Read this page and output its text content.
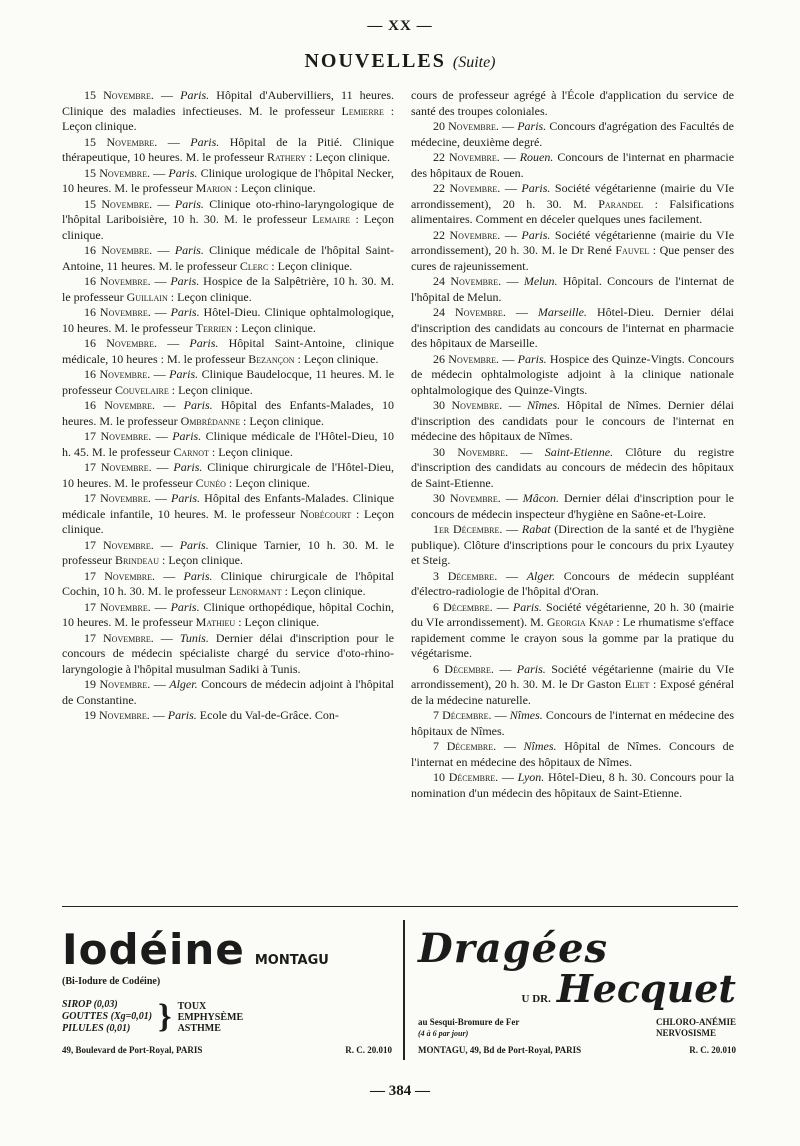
— XX —
NOUVELLES (Suite)

15 Novembre. — Paris. Hôpital d'Aubervilliers, 11 heures. Clinique des maladies infectieuses. M. le professeur Lemierre : Leçon clinique.

15 Novembre. — Paris. Hôpital de la Pitié. Clinique thérapeutique, 10 heures. M. le professeur Rathery : Leçon clinique.

15 Novembre. — Paris. Clinique urologique de l'hôpital Necker, 10 heures. M. le professeur Marion : Leçon clinique.

15 Novembre. — Paris. Clinique oto-rhino-laryngologique de l'hôpital Lariboisière, 10 h. 30. M. le professeur Lemaire : Leçon clinique.

16 Novembre. — Paris. Clinique médicale de l'hôpital Saint-Antoine, 11 heures. M. le professeur Clerc : Leçon clinique.

16 Novembre. — Paris. Hospice de la Salpêtrière, 10 h. 30. M. le professeur Guillain : Leçon clinique.

16 Novembre. — Paris. Hôtel-Dieu. Clinique ophtalmologique, 10 heures. M. le professeur Terrien : Leçon clinique.

16 Novembre. — Paris. Hôpital Saint-Antoine, clinique médicale, 10 heures : M. le professeur Bezançon : Leçon clinique.

16 Novembre. — Paris. Clinique Baudelocque, 11 heures. M. le professeur Couvelaire : Leçon clinique.

16 Novembre. — Paris. Hôpital des Enfants-Malades, 10 heures. M. le professeur Ombrédanne : Leçon clinique.

17 Novembre. — Paris. Clinique médicale de l'Hôtel-Dieu, 10 h. 45. M. le professeur Carnot : Leçon clinique.

17 Novembre. — Paris. Clinique chirurgicale de l'Hôtel-Dieu, 10 heures. M. le professeur Cunéo : Leçon clinique.

17 Novembre. — Paris. Hôpital des Enfants-Malades. Clinique médicale infantile, 10 heures. M. le professeur Nobécourt : Leçon clinique.

17 Novembre. — Paris. Clinique Tarnier, 10 h. 30. M. le professeur Brindeau : Leçon clinique.

17 Novembre. — Paris. Clinique chirurgicale de l'hôpital Cochin, 10 h. 30. M. le professeur Lenormant : Leçon clinique.

17 Novembre. — Paris. Clinique orthopédique, hôpital Cochin, 10 heures. M. le professeur Mathieu : Leçon clinique.

17 Novembre. — Tunis. Dernier délai d'inscription pour le concours de médecin spécialiste chargé du service d'oto-rhino-laryngologie à l'hôpital musulman Sadiki à Tunis.

19 Novembre. — Alger. Concours de médecin adjoint à l'hôpital de Constantine.

19 Novembre. — Paris. Ecole du Val-de-Grâce. Con-

cours de professeur agrégé à l'École d'application du service de santé des troupes coloniales.

20 Novembre. — Paris. Concours d'agrégation des Facultés de médecine, deuxième degré.

22 Novembre. — Rouen. Concours de l'internat en pharmacie des hôpitaux de Rouen.

22 Novembre. — Paris. Société végétarienne (mairie du VIe arrondissement), 20 h. 30. M. Parandel : Falsifications alimentaires. Comment en déceler quelques unes facilement.

22 Novembre. — Paris. Société végétarienne (mairie du VIe arrondissement), 20 h. 30. M. le Dr René Fauvel : Que penser des cures de rajeunissement.

24 Novembre. — Melun. Hôpital. Concours de l'internat de l'hôpital de Melun.

24 Novembre. — Marseille. Hôtel-Dieu. Dernier délai d'inscription des candidats au concours de l'internat en pharmacie des hôpitaux de Marseille.

26 Novembre. — Paris. Hospice des Quinze-Vingts. Concours de médecin ophtalmologiste adjoint à la clinique nationale ophtalmologique des Quinze-Vingts.

30 Novembre. — Nîmes. Hôpital de Nîmes. Dernier délai d'inscription des candidats pour le concours de l'internat en médecine des hôpitaux de Nîmes.

30 Novembre. — Saint-Etienne. Clôture du registre d'inscription des candidats au concours de médecin des hôpitaux de Saint-Etienne.

30 Novembre. — Mâcon. Dernier délai d'inscription pour le concours de médecin inspecteur d'hygiène en Saône-et-Loire.

1er Décembre. — Rabat (Direction de la santé et de l'hygiène publique). Clôture d'inscriptions pour le concours du prix Lyautey et Steig.

3 Décembre. — Alger. Concours de médecin suppléant d'électro-radiologie de l'hôpital d'Oran.

6 Décembre. — Paris. Société végétarienne, 20 h. 30 (mairie du VIe arrondissement). M. Georgia Knap : Le rhumatisme s'efface rapidement comme le crayon sous la gomme par la pratique du végétarisme.

6 Décembre. — Paris. Société végétarienne (mairie du VIe arrondissement), 20 h. 30. M. le Dr Gaston Eliet : Exposé général de la médecine naturelle.

7 Décembre. — Nîmes. Concours de l'internat en médecine des hôpitaux de Nîmes.

7 Décembre. — Nîmes. Hôpital de Nîmes. Concours de l'internat en médecine des hôpitaux de Nîmes.

10 Décembre. — Lyon. Hôtel-Dieu, 8 h. 30. Concours pour la nomination d'un médecin des hôpitaux de Saint-Etienne.

Iodéine MONTAGU
(Bi-Iodure de Codéine)
SIROP (0,03)
GOUTTES (Xg=0,01)
PILULES (0,01) } TOUX
EMPHYSÈME
ASTHME
49, Boulevard de Port-Royal, PARIS	R. C. 20.010
Dragées
U DR. Hecquet
au Sesqui-Bromure de Fer
(4 à 6 par jour)
CHLORO-ANÉMIE
NERVOSISME
MONTAGU, 49, Bd de Port-Royal, PARIS	R. C. 20.010
— 384 —
